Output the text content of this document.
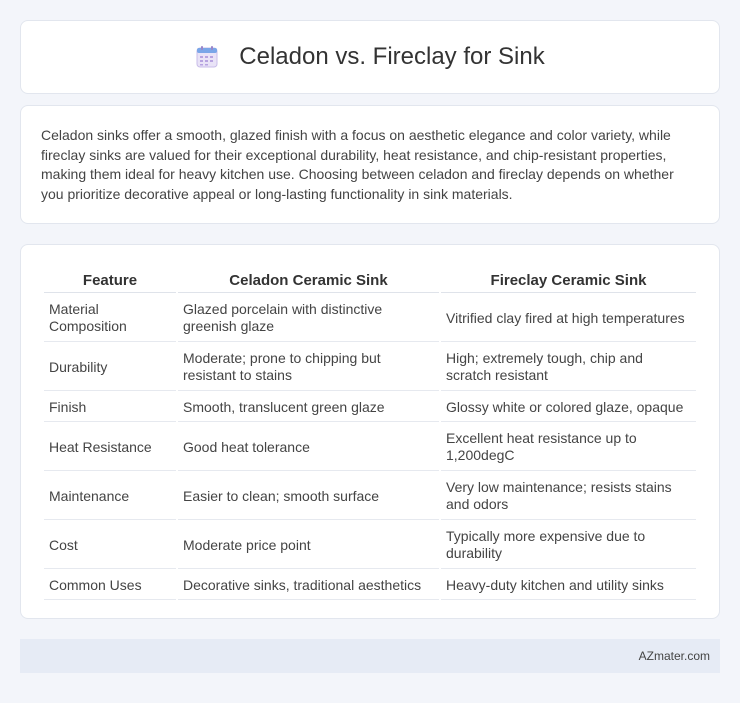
Celadon vs. Fireclay for Sink

Celadon sinks offer a smooth, glazed finish with a focus on aesthetic elegance and color variety, while fireclay sinks are valued for their exceptional durability, heat resistance, and chip-resistant properties, making them ideal for heavy kitchen use. Choosing between celadon and fireclay depends on whether you prioritize decorative appeal or long-lasting functionality in sink materials.

Feature	Celadon Ceramic Sink	Fireclay Ceramic Sink
Material Composition	Glazed porcelain with distinctive greenish glaze	Vitrified clay fired at high temperatures
Durability	Moderate; prone to chipping but resistant to stains	High; extremely tough, chip and scratch resistant
Finish	Smooth, translucent green glaze	Glossy white or colored glaze, opaque
Heat Resistance	Good heat tolerance	Excellent heat resistance up to 1,200degC
Maintenance	Easier to clean; smooth surface	Very low maintenance; resists stains and odors
Cost	Moderate price point	Typically more expensive due to durability
Common Uses	Decorative sinks, traditional aesthetics	Heavy-duty kitchen and utility sinks
AZmater.com
